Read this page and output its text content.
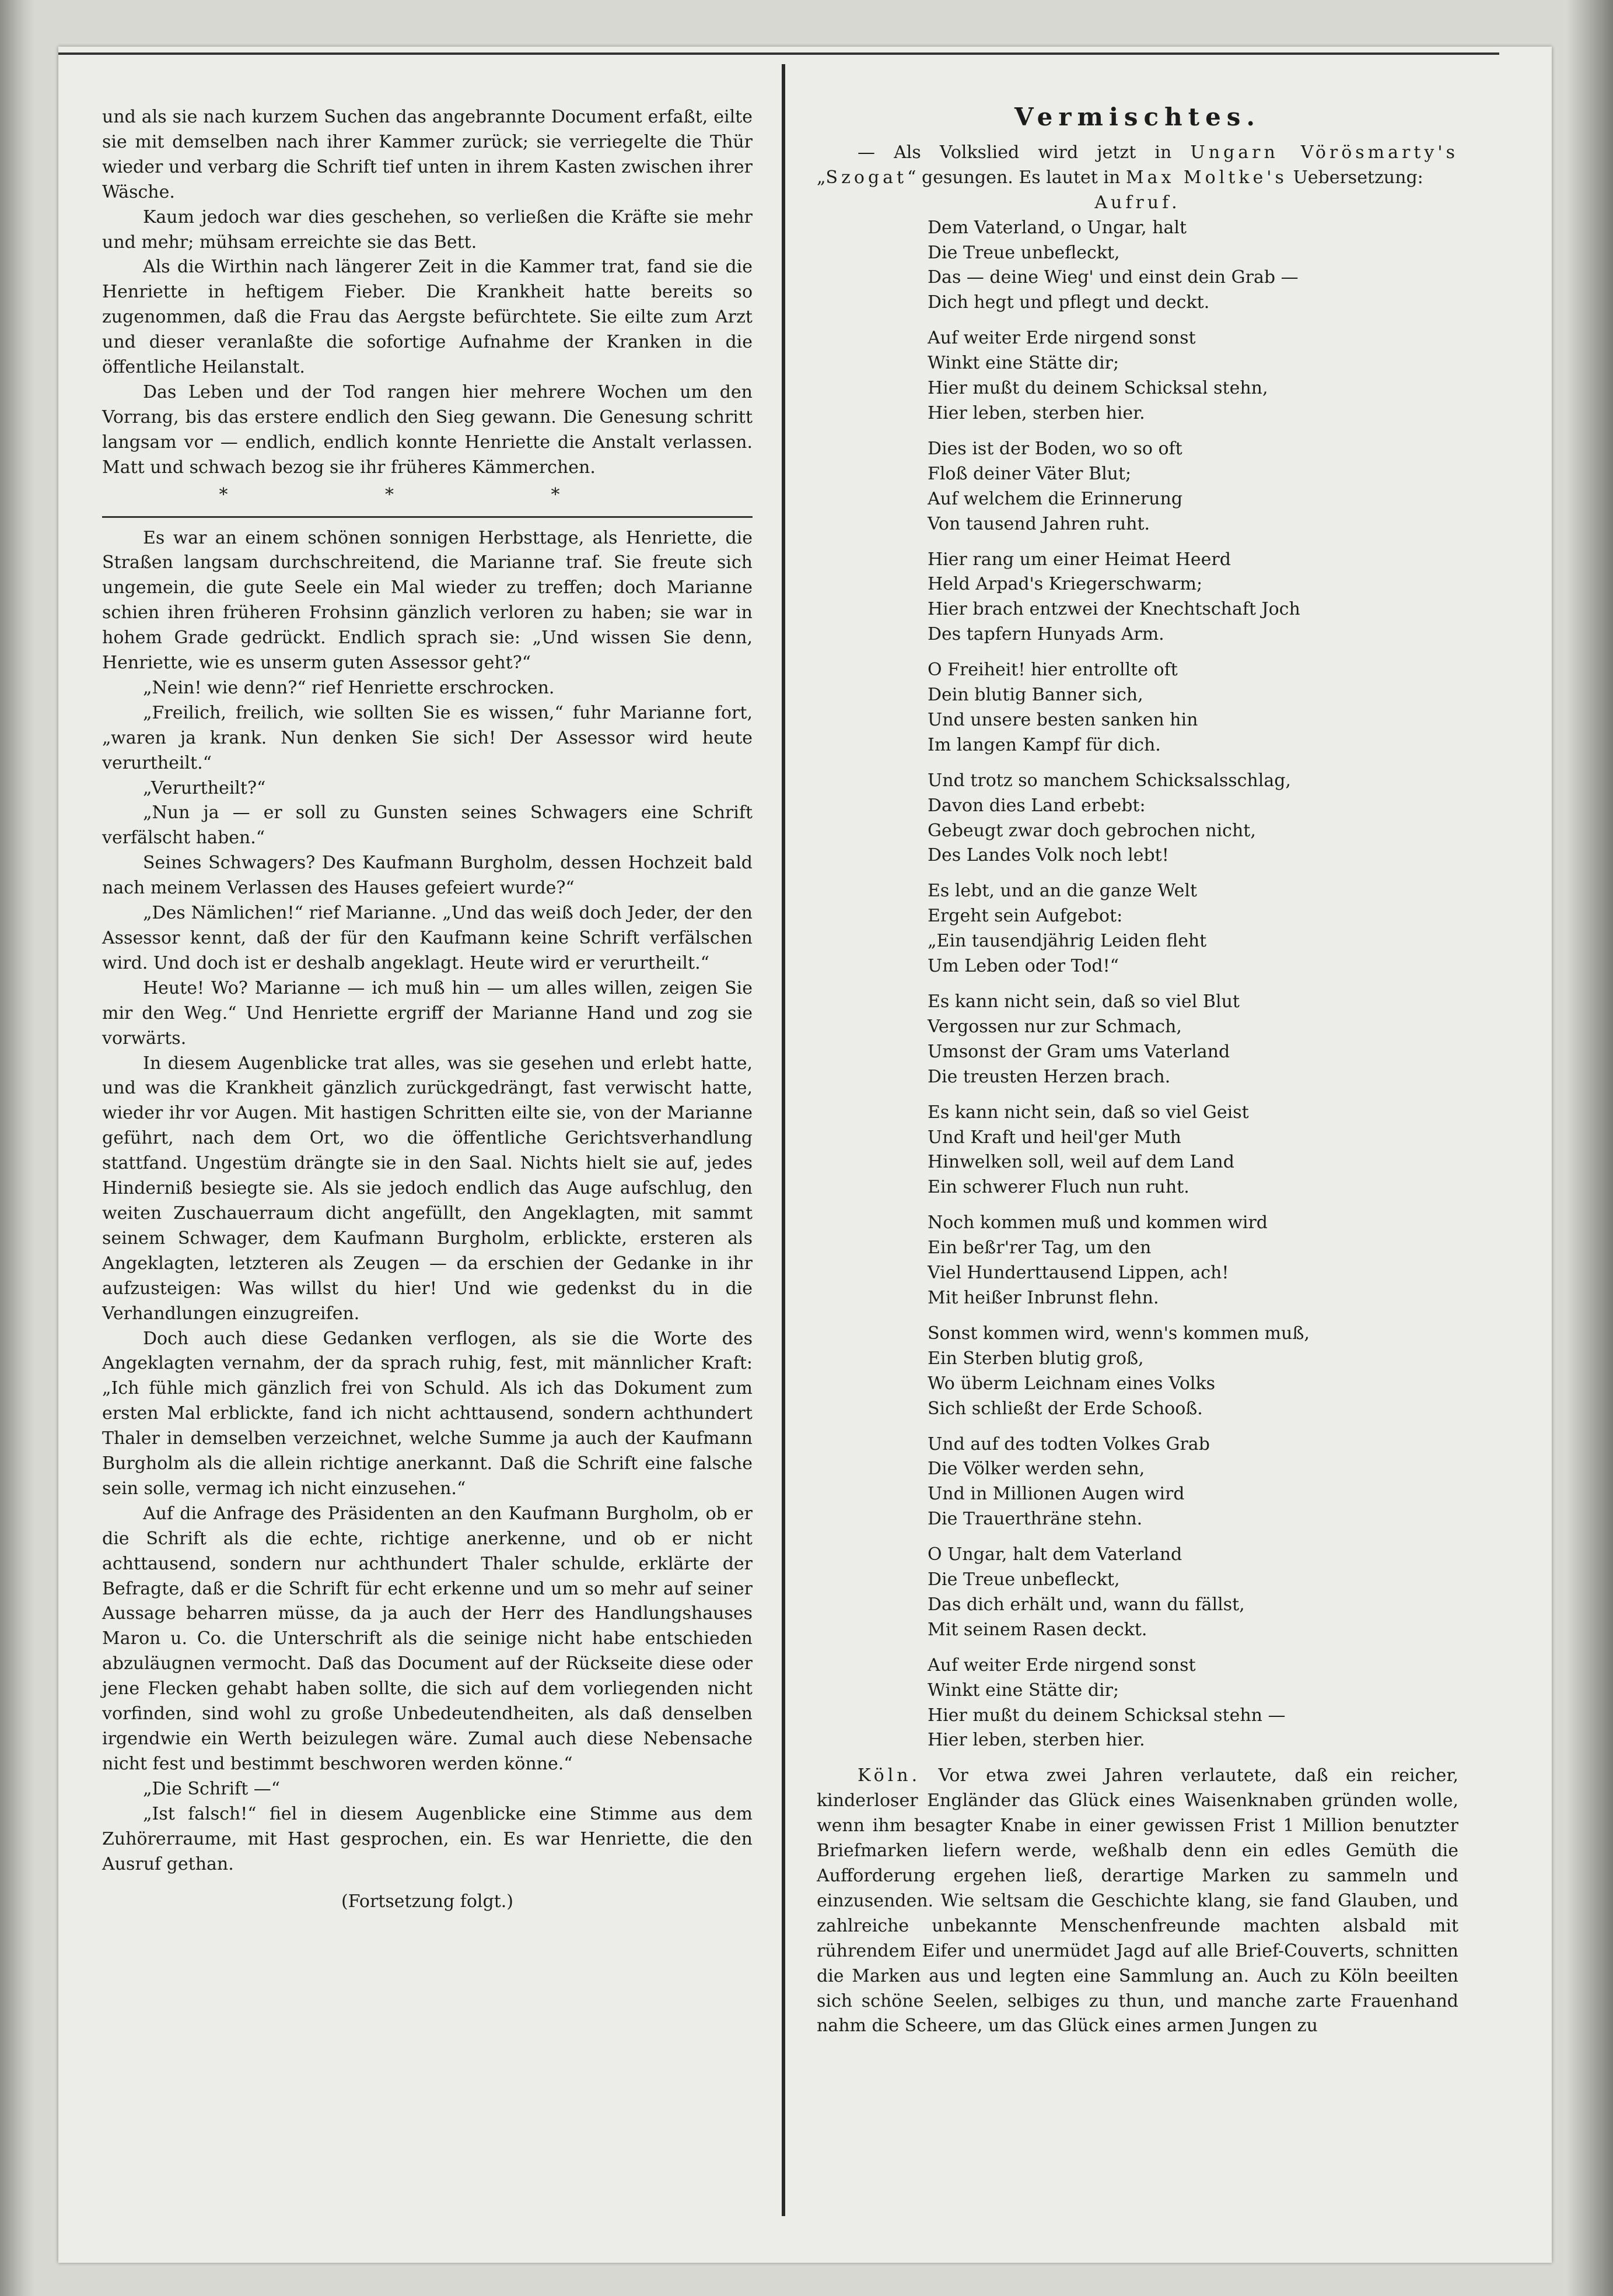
und als sie nach kurzem Suchen das angebrannte Document erfaßt, eilte sie mit demselben nach ihrer Kammer zurück; sie verriegelte die Thür wieder und verbarg die Schrift tief unten in ihrem Kasten zwischen ihrer Wäsche.

Kaum jedoch war dies geschehen, so verließen die Kräfte sie mehr und mehr; mühsam erreichte sie das Bett.

Als die Wirthin nach längerer Zeit in die Kammer trat, fand sie die Henriette in heftigem Fieber. Die Krankheit hatte bereits so zugenommen, daß die Frau das Aergste befürchtete. Sie eilte zum Arzt und dieser veranlaßte die sofortige Aufnahme der Kranken in die öffentliche Heilanstalt.

Das Leben und der Tod rangen hier mehrere Wochen um den Vorrang, bis das erstere endlich den Sieg gewann. Die Genesung schritt langsam vor — endlich, endlich konnte Henriette die Anstalt verlassen. Matt und schwach bezog sie ihr früheres Kämmerchen.

* * *

Es war an einem schönen sonnigen Herbsttage, als Henriette, die Straßen langsam durchschreitend, die Marianne traf. Sie freute sich ungemein, die gute Seele ein Mal wieder zu treffen; doch Marianne schien ihren früheren Frohsinn gänzlich verloren zu haben; sie war in hohem Grade gedrückt. Endlich sprach sie: „Und wissen Sie denn, Henriette, wie es unserm guten Assessor geht?“

„Nein! wie denn?“ rief Henriette erschrocken.

„Freilich, freilich, wie sollten Sie es wissen,“ fuhr Marianne fort, „waren ja krank. Nun denken Sie sich! Der Assessor wird heute verurtheilt.“

„Verurtheilt?“

„Nun ja — er soll zu Gunsten seines Schwagers eine Schrift verfälscht haben.“

Seines Schwagers? Des Kaufmann Burgholm, dessen Hochzeit bald nach meinem Verlassen des Hauses gefeiert wurde?“

„Des Nämlichen!“ rief Marianne. „Und das weiß doch Jeder, der den Assessor kennt, daß der für den Kaufmann keine Schrift verfälschen wird. Und doch ist er deshalb angeklagt. Heute wird er verurtheilt.“

Heute! Wo? Marianne — ich muß hin — um alles willen, zeigen Sie mir den Weg.“ Und Henriette ergriff der Marianne Hand und zog sie vorwärts.

In diesem Augenblicke trat alles, was sie gesehen und erlebt hatte, und was die Krankheit gänzlich zurückgedrängt, fast verwischt hatte, wieder ihr vor Augen. Mit hastigen Schritten eilte sie, von der Marianne geführt, nach dem Ort, wo die öffentliche Gerichtsverhandlung stattfand. Ungestüm drängte sie in den Saal. Nichts hielt sie auf, jedes Hinderniß besiegte sie. Als sie jedoch endlich das Auge aufschlug, den weiten Zuschauerraum dicht angefüllt, den Angeklagten, mit sammt seinem Schwager, dem Kaufmann Burgholm, erblickte, ersteren als Angeklagten, letzteren als Zeugen — da erschien der Gedanke in ihr aufzusteigen: Was willst du hier! Und wie gedenkst du in die Verhandlungen einzugreifen.

Doch auch diese Gedanken verflogen, als sie die Worte des Angeklagten vernahm, der da sprach ruhig, fest, mit männlicher Kraft: „Ich fühle mich gänzlich frei von Schuld. Als ich das Dokument zum ersten Mal erblickte, fand ich nicht achttausend, sondern achthundert Thaler in demselben verzeichnet, welche Summe ja auch der Kaufmann Burgholm als die allein richtige anerkannt. Daß die Schrift eine falsche sein solle, vermag ich nicht einzusehen.“

Auf die Anfrage des Präsidenten an den Kaufmann Burgholm, ob er die Schrift als die echte, richtige anerkenne, und ob er nicht achttausend, sondern nur achthundert Thaler schulde, erklärte der Befragte, daß er die Schrift für echt erkenne und um so mehr auf seiner Aussage beharren müsse, da ja auch der Herr des Handlungshauses Maron u. Co. die Unterschrift als die seinige nicht habe entschieden abzuläugnen vermocht. Daß das Document auf der Rückseite diese oder jene Flecken gehabt haben sollte, die sich auf dem vorliegenden nicht vorfinden, sind wohl zu große Unbedeutendheiten, als daß denselben irgendwie ein Werth beizulegen wäre. Zumal auch diese Nebensache nicht fest und bestimmt beschworen werden könne.“

„Die Schrift —“

„Ist falsch!“ fiel in diesem Augenblicke eine Stimme aus dem Zuhörerraume, mit Hast gesprochen, ein. Es war Henriette, die den Ausruf gethan.

(Fortsetzung folgt.)

Vermischtes.

— Als Volkslied wird jetzt in Ungarn Vörösmarty's „Szogat“ gesungen. Es lautet in Max Moltke's Uebersetzung:

Aufruf.

Dem Vaterland, o Ungar, halt
Die Treue unbefleckt,
Das — deine Wieg' und einst dein Grab —
Dich hegt und pflegt und deckt.
Auf weiter Erde nirgend sonst
Winkt eine Stätte dir;
Hier mußt du deinem Schicksal stehn,
Hier leben, sterben hier.
Dies ist der Boden, wo so oft
Floß deiner Väter Blut;
Auf welchem die Erinnerung
Von tausend Jahren ruht.
Hier rang um einer Heimat Heerd
Held Arpad's Kriegerschwarm;
Hier brach entzwei der Knechtschaft Joch
Des tapfern Hunyads Arm.
O Freiheit! hier entrollte oft
Dein blutig Banner sich,
Und unsere besten sanken hin
Im langen Kampf für dich.
Und trotz so manchem Schicksalsschlag,
Davon dies Land erbebt:
Gebeugt zwar doch gebrochen nicht,
Des Landes Volk noch lebt!
Es lebt, und an die ganze Welt
Ergeht sein Aufgebot:
„Ein tausendjährig Leiden fleht
Um Leben oder Tod!“
Es kann nicht sein, daß so viel Blut
Vergossen nur zur Schmach,
Umsonst der Gram ums Vaterland
Die treusten Herzen brach.
Es kann nicht sein, daß so viel Geist
Und Kraft und heil'ger Muth
Hinwelken soll, weil auf dem Land
Ein schwerer Fluch nun ruht.
Noch kommen muß und kommen wird
Ein beßr'rer Tag, um den
Viel Hunderttausend Lippen, ach!
Mit heißer Inbrunst flehn.
Sonst kommen wird, wenn's kommen muß,
Ein Sterben blutig groß,
Wo überm Leichnam eines Volks
Sich schließt der Erde Schooß.
Und auf des todten Volkes Grab
Die Völker werden sehn,
Und in Millionen Augen wird
Die Trauerthräne stehn.
O Ungar, halt dem Vaterland
Die Treue unbefleckt,
Das dich erhält und, wann du fällst,
Mit seinem Rasen deckt.
Auf weiter Erde nirgend sonst
Winkt eine Stätte dir;
Hier mußt du deinem Schicksal stehn —
Hier leben, sterben hier.

Köln. Vor etwa zwei Jahren verlautete, daß ein reicher, kinderloser Engländer das Glück eines Waisenknaben gründen wolle, wenn ihm besagter Knabe in einer gewissen Frist 1 Million benutzter Briefmarken liefern werde, weßhalb denn ein edles Gemüth die Aufforderung ergehen ließ, derartige Marken zu sammeln und einzusenden. Wie seltsam die Geschichte klang, sie fand Glauben, und zahlreiche unbekannte Menschenfreunde machten alsbald mit rührendem Eifer und unermüdet Jagd auf alle Brief-Couverts, schnitten die Marken aus und legten eine Sammlung an. Auch zu Köln beeilten sich schöne Seelen, selbiges zu thun, und manche zarte Frauenhand nahm die Scheere, um das Glück eines armen Jungen zu
